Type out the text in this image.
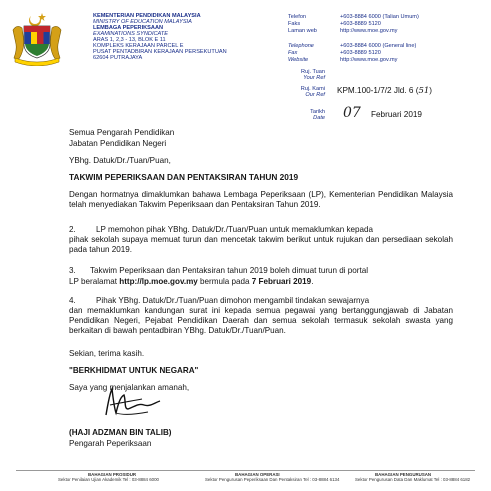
KEMENTERIAN PENDIDIKAN MALAYSIA
MINISTRY OF EDUCATION MALAYSIA
LEMBAGA PEPERIKSAAN
EXAMINATIONS SYNDICATE
ARAS 1, 2,3 - 13, BLOK E 11
KOMPLEKS KERAJAAN PARCEL E
PUSAT PENTADBIRAN KERAJAAN PERSEKUTUAN
62604 PUTRAJAYA
Telefon	+603-8884 6000 (Talian Umum)
Faks	+603-8889 5120
Laman web	http://www.moe.gov.my
Telephone	+603-8884 6000 (General line)
Fax	+603-8889 5120
Website	http://www.moe.gov.my
Ruj. Tuan
Your Ref
Ruj. Kami
Our Ref KPM.100-1/7/2 Jld. 6 (51)
Tarikh
Date 07 Februari 2019
Semua Pengarah Pendidikan
Jabatan Pendidikan Negeri
YBhg. Datuk/Dr./Tuan/Puan,
TAKWIM PEPERIKSAAN DAN PENTAKSIRAN TAHUN 2019
Dengan hormatnya dimaklumkan bahawa Lembaga Peperiksaan (LP), Kementerian Pendidikan Malaysia telah menyediakan Takwim Peperiksaan dan Pentaksiran Tahun 2019.
2. LP memohon pihak YBhg. Datuk/Dr./Tuan/Puan untuk memaklumkan kepada
pihak sekolah supaya memuat turun dan mencetak takwim berikut untuk rujukan dan persediaan sekolah pada tahun 2019.
3. Takwim Peperiksaan dan Pentaksiran tahun 2019 boleh dimuat turun di portal
LP beralamat http://lp.moe.gov.my bermula pada 7 Februari 2019.
4. Pihak YBhg. Datuk/Dr./Tuan/Puan dimohon mengambil tindakan sewajarnya
dan memaklumkan kandungan surat ini kepada semua pegawai yang bertanggungjawab di Jabatan Pendidikan Negeri, Pejabat Pendidikan Daerah dan semua sekolah termasuk sekolah swasta yang berkaitan di bawah pentadbiran YBhg. Datuk/Dr./Tuan/Puan.
Sekian, terima kasih.
"BERKHIDMAT UNTUK NEGARA"
Saya yang menjalankan amanah,
(HAJI ADZMAN BIN TALIB)
Pengarah Peperiksaan
BAHAGIAN PROSIDUR
Sektor Penilaian Ujian Akademik Tel : 03-8884 6000
BAHAGIAN OPERASI
Sektor Pengurusan Peperiksaan Dan Pentaksiran Tel : 03-8884 6134
BAHAGIAN PENGURUSAN
Sektor Pengurusan Data Dan Maklumat Tel : 03-8884 6182
